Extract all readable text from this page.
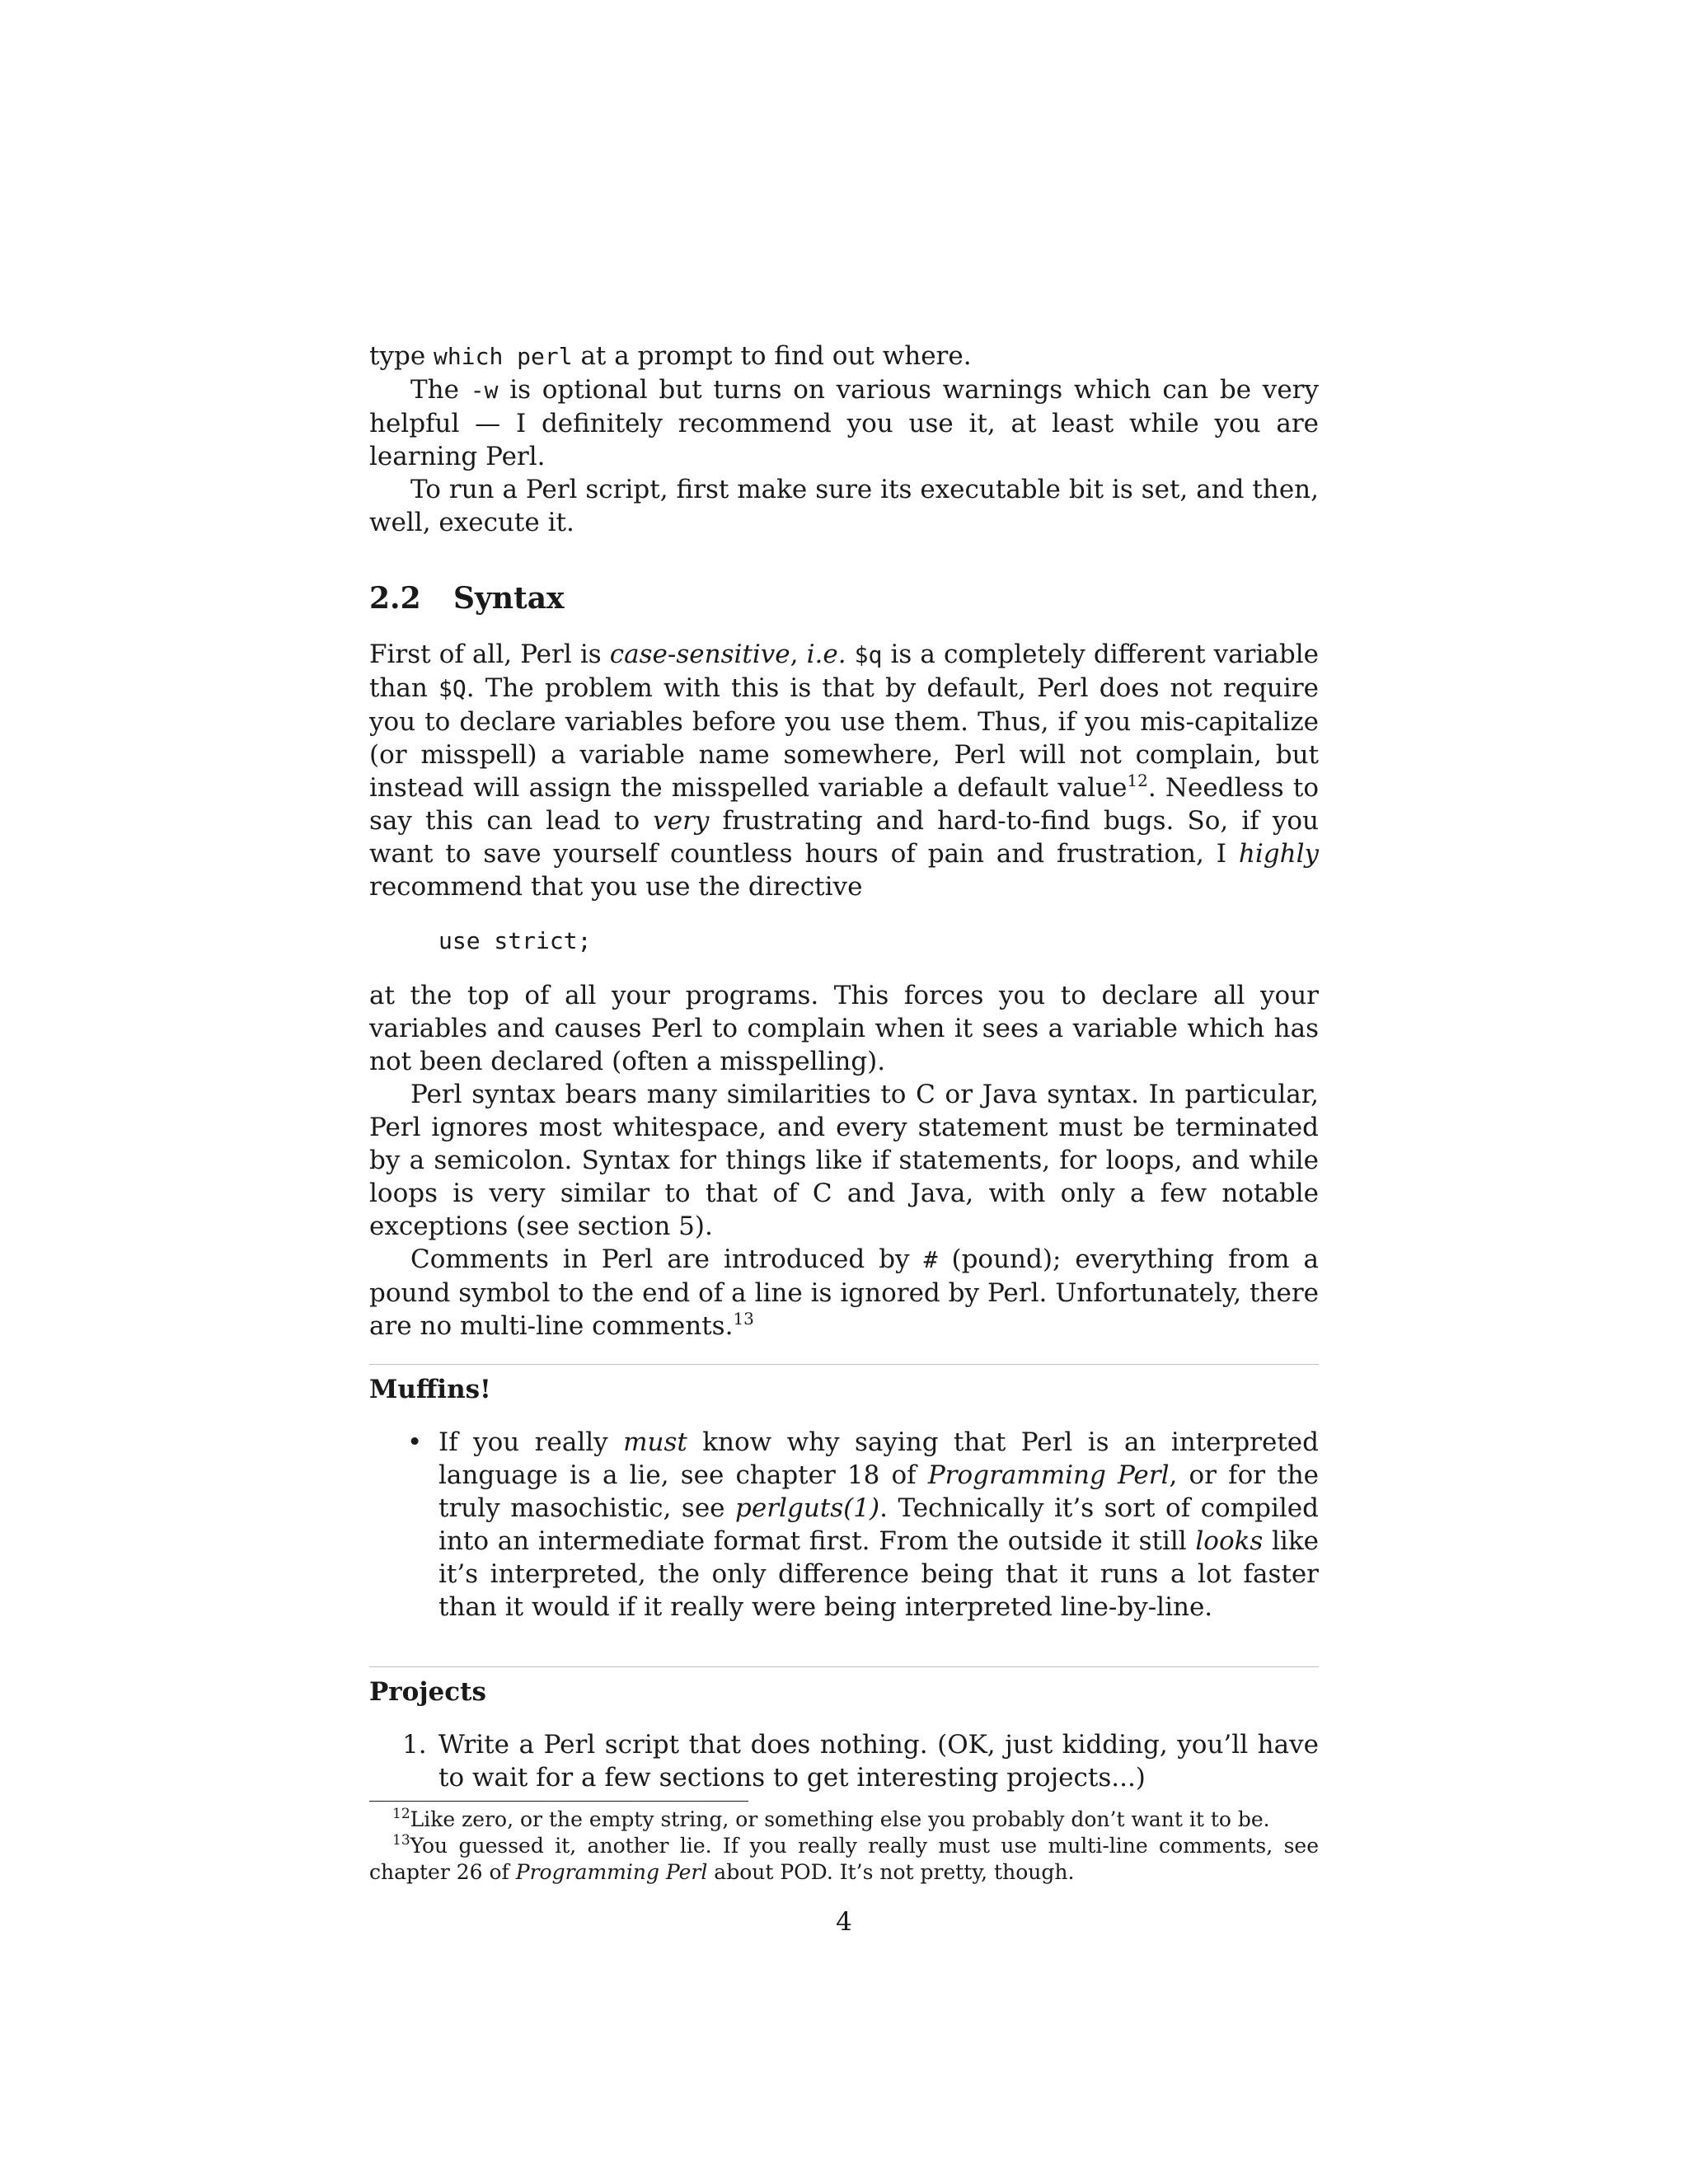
type which perl at a prompt to find out where.

The -w is optional but turns on various warnings which can be very helpful — I definitely recommend you use it, at least while you are learning Perl.

To run a Perl script, first make sure its executable bit is set, and then, well, execute it.

2.2 Syntax

First of all, Perl is case-sensitive, i.e. $q is a completely different variable than $Q. The problem with this is that by default, Perl does not require you to declare variables before you use them. Thus, if you mis-capitalize (or misspell) a variable name somewhere, Perl will not complain, but instead will assign the misspelled variable a default value$^{12}$. Needless to say this can lead to very frustrating and hard-to-find bugs. So, if you want to save yourself countless hours of pain and frustration, I highly recommend that you use the directive

use strict;

at the top of all your programs. This forces you to declare all your variables and causes Perl to complain when it sees a variable which has not been declared (often a misspelling).

Perl syntax bears many similarities to C or Java syntax. In particular, Perl ignores most whitespace, and every statement must be terminated by a semicolon. Syntax for things like if statements, for loops, and while loops is very similar to that of C and Java, with only a few notable exceptions (see section 5).

Comments in Perl are introduced by # (pound); everything from a pound symbol to the end of a line is ignored by Perl. Unfortunately, there are no multi-line comments.$^{13}$

Muffins!
• If you really must know why saying that Perl is an interpreted language is a lie, see chapter 18 of Programming Perl, or for the truly masochistic, see perlguts(1). Technically it’s sort of compiled into an intermediate format first. From the outside it still looks like it’s interpreted, the only difference being that it runs a lot faster than it would if it really were being interpreted line-by-line.
Projects
1. Write a Perl script that does nothing. (OK, just kidding, you’ll have to wait for a few sections to get interesting projects...)

$^{12}$Like zero, or the empty string, or something else you probably don’t want it to be.

$^{13}$You guessed it, another lie. If you really really must use multi-line comments, see chapter 26 of Programming Perl about POD. It’s not pretty, though.

4
